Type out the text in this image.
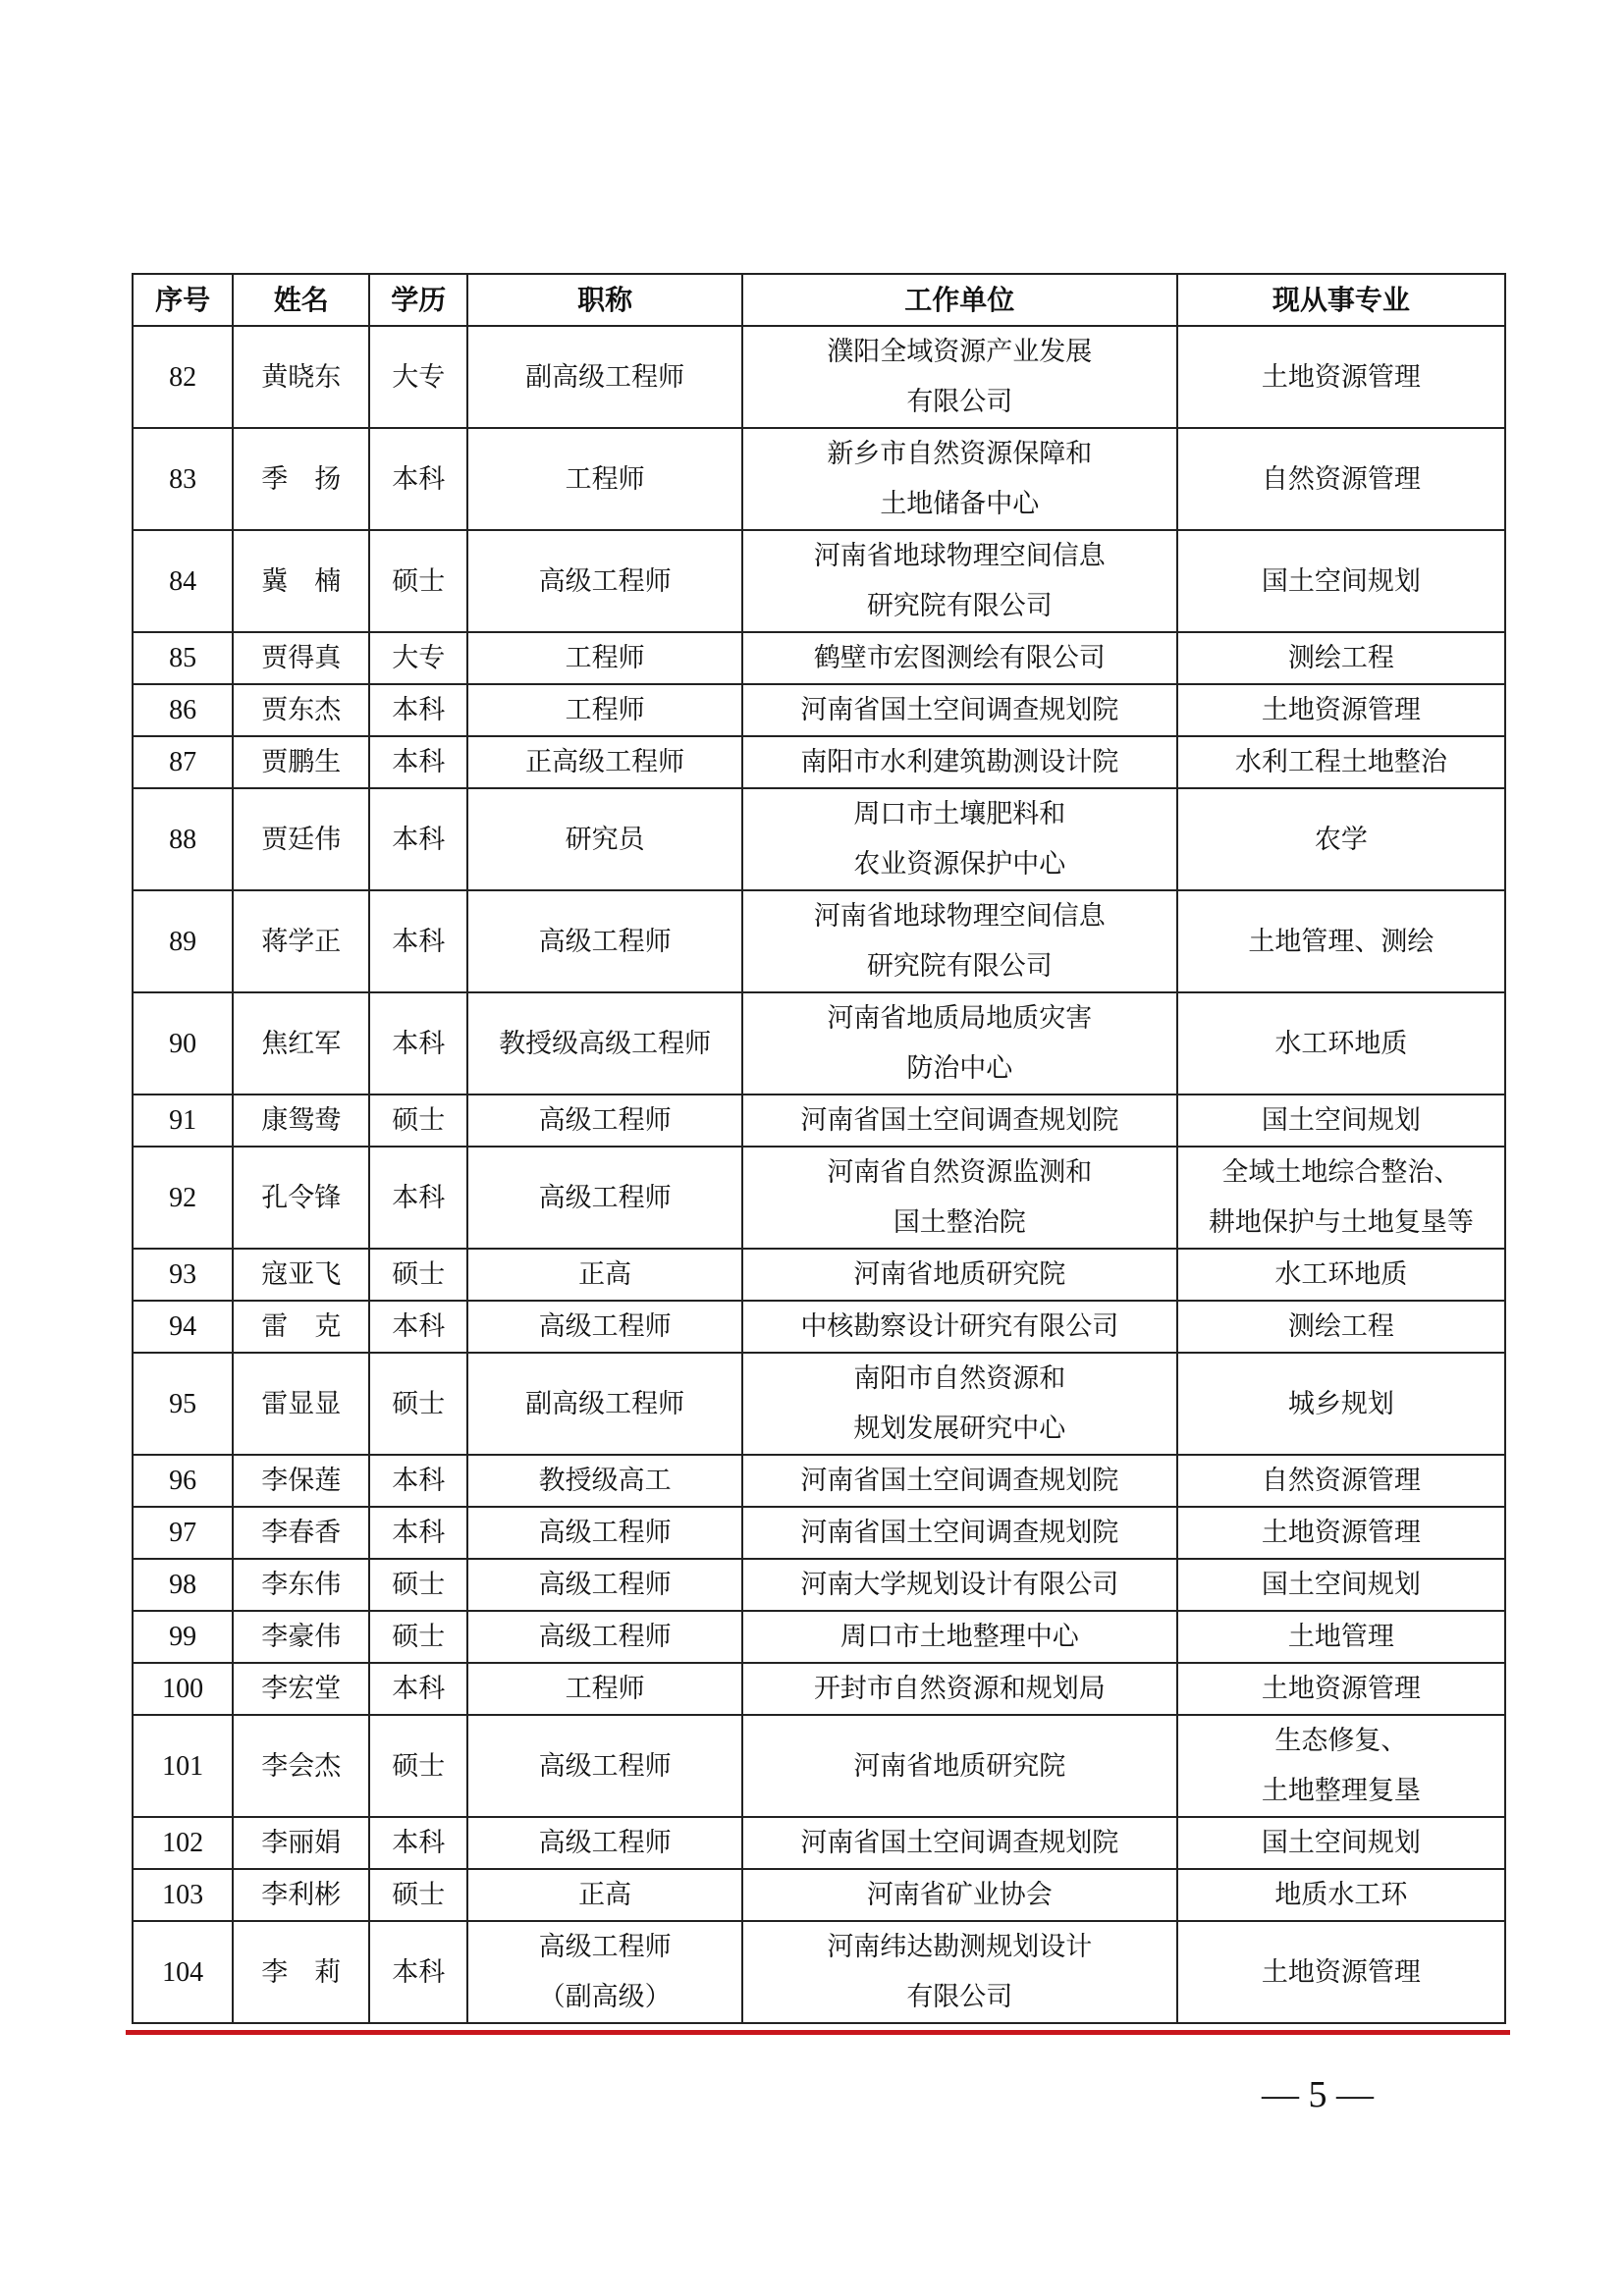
序号	姓名	学历	职称	工作单位	现从事专业
82	黄晓东	大专	副高级工程师	濮阳全域资源产业发展
有限公司	土地资源管理

83	季　扬	本科	工程师	新乡市自然资源保障和
土地储备中心	自然资源管理

84	冀　楠	硕士	高级工程师	河南省地球物理空间信息
研究院有限公司	国土空间规划

85	贾得真	大专	工程师	鹤壁市宏图测绘有限公司	测绘工程

86	贾东杰	本科	工程师	河南省国土空间调查规划院	土地资源管理

87	贾鹏生	本科	正高级工程师	南阳市水利建筑勘测设计院	水利工程土地整治

88	贾廷伟	本科	研究员	周口市土壤肥料和
农业资源保护中心	农学

89	蒋学正	本科	高级工程师	河南省地球物理空间信息
研究院有限公司	土地管理、测绘

90	焦红军	本科	教授级高级工程师	河南省地质局地质灾害
防治中心	水工环地质

91	康鸳鸯	硕士	高级工程师	河南省国土空间调查规划院	国土空间规划

92	孔令锋	本科	高级工程师	河南省自然资源监测和
国土整治院	全域土地综合整治、
耕地保护与土地复垦等

93	寇亚飞	硕士	正高	河南省地质研究院	水工环地质

94	雷　克	本科	高级工程师	中核勘察设计研究有限公司	测绘工程

95	雷显显	硕士	副高级工程师	南阳市自然资源和
规划发展研究中心	城乡规划

96	李保莲	本科	教授级高工	河南省国土空间调查规划院	自然资源管理

97	李春香	本科	高级工程师	河南省国土空间调查规划院	土地资源管理

98	李东伟	硕士	高级工程师	河南大学规划设计有限公司	国土空间规划

99	李豪伟	硕士	高级工程师	周口市土地整理中心	土地管理

100	李宏堂	本科	工程师	开封市自然资源和规划局	土地资源管理

101	李会杰	硕士	高级工程师	河南省地质研究院	生态修复、
土地整理复垦

102	李丽娟	本科	高级工程师	河南省国土空间调查规划院	国土空间规划

103	李利彬	硕士	正高	河南省矿业协会	地质水工环

104	李　莉	本科	高级工程师
（副高级）	河南纬达勘测规划设计
有限公司	土地资源管理
— 5 —
